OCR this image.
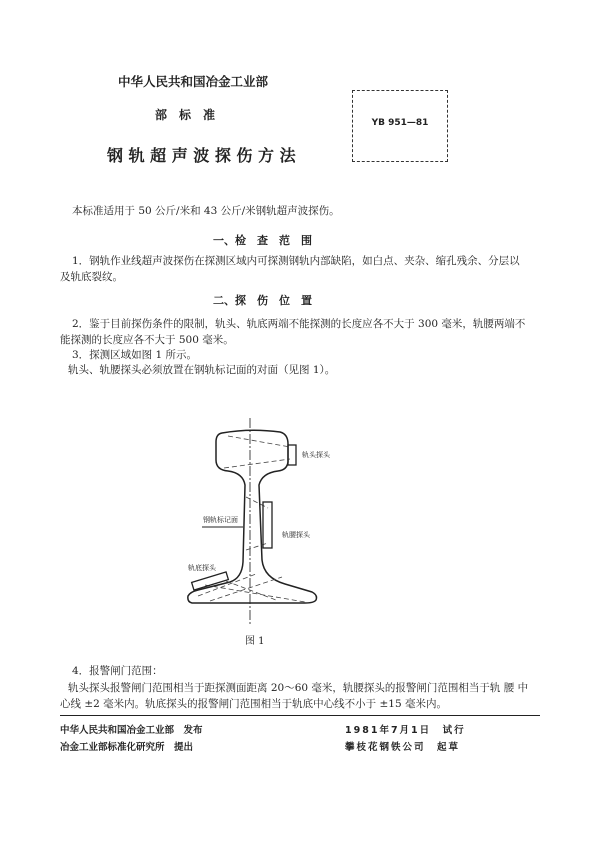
中华人民共和国冶金工业部
部　标　准
钢 轨 超 声 波 探 伤 方 法
YB 951—81
本标准适用于 50 公斤/米和 43 公斤/米钢轨超声波探伤。
一、检　查　范　围
1．钢轨作业线超声波探伤在探测区域内可探测钢轨内部缺陷，如白点、夹杂、缩孔残余、分层以
及轨底裂纹。
二、探　伤　位　置
2．鉴于目前探伤条件的限制，轨头、轨底两端不能探测的长度应各不大于 300 毫米，轨腰两端不
能探测的长度应各不大于 500 毫米。
3．探测区域如图 1 所示。
轨头、轨腰探头必须放置在钢轨标记面的对面（见图 1）。
轨头探头
轨腰探头
轨底探头
钢轨标记面
图 1
4．报警闸门范围：
轨头探头报警闸门范围相当于距探测面距离 20～60 毫米，轨腰探头的报警闸门范围相当于轨 腰 中
心线 ±2 毫米内。轨底探头的报警闸门范围相当于轨底中心线不小于 ±15 毫米内。
中华人民共和国冶金工业部　发布
冶金工业部标准化研究所　提出
1981年7月1日　试行
攀枝花钢铁公司　起草
